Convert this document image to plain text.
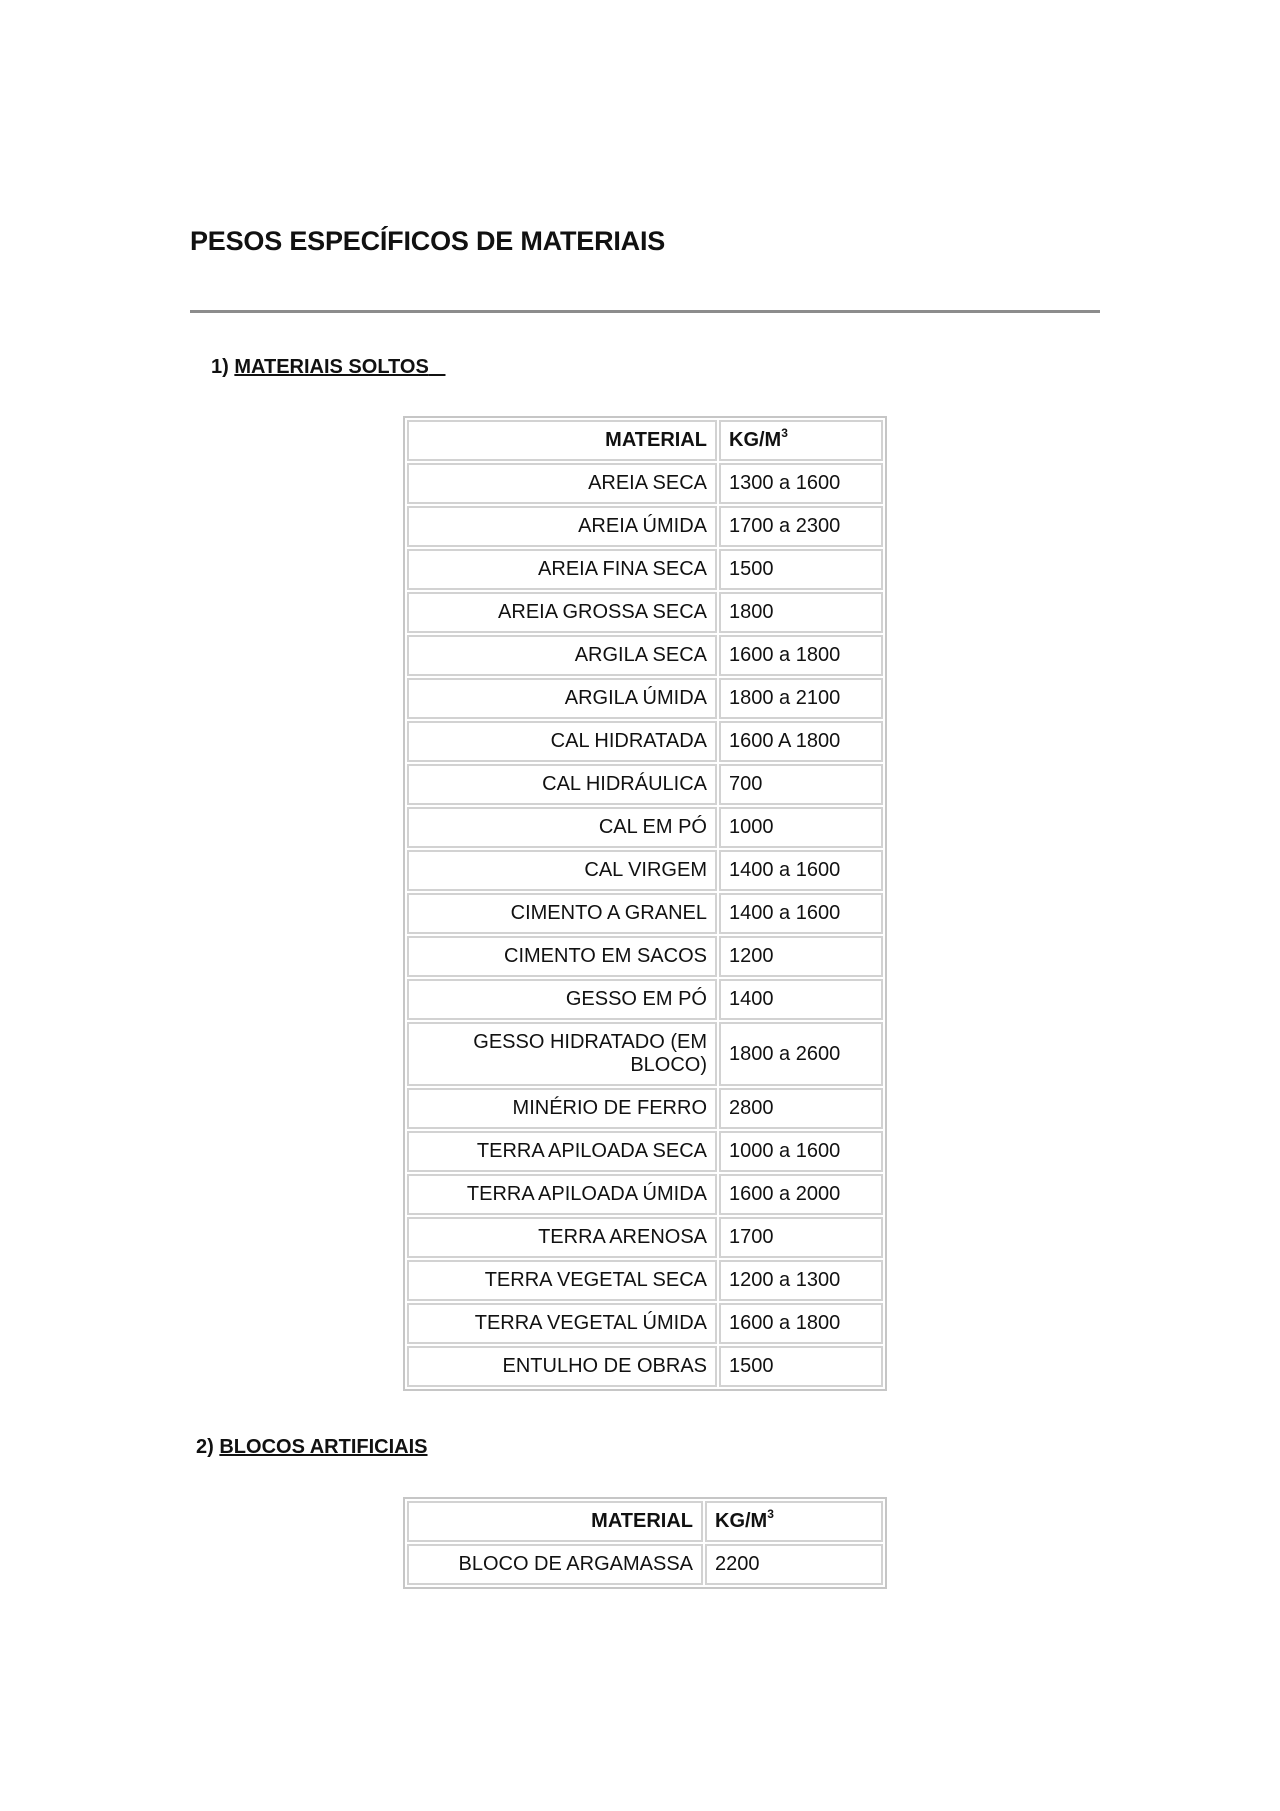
PESOS ESPECÍFICOS DE MATERIAIS
1) MATERIAIS SOLTOS
MATERIAL	$KG/M^3$
AREIA SECA	1300 a 1600
AREIA ÚMIDA	1700 a 2300
AREIA FINA SECA	1500
AREIA GROSSA SECA	1800
ARGILA SECA	1600 a 1800
ARGILA ÚMIDA	1800 a 2100
CAL HIDRATADA	1600 A 1800
CAL HIDRÁULICA	700
CAL EM PÓ	1000
CAL VIRGEM	1400 a 1600
CIMENTO A GRANEL	1400 a 1600
CIMENTO EM SACOS	1200
GESSO EM PÓ	1400
GESSO HIDRATADO (EM BLOCO)	1800 a 2600
MINÉRIO DE FERRO	2800
TERRA APILOADA SECA	1000 a 1600
TERRA APILOADA ÚMIDA	1600 a 2000
TERRA ARENOSA	1700
TERRA VEGETAL SECA	1200 a 1300
TERRA VEGETAL ÚMIDA	1600 a 1800
ENTULHO DE OBRAS	1500
2) BLOCOS ARTIFICIAIS
MATERIAL	$KG/M^3$
BLOCO DE ARGAMASSA	2200
